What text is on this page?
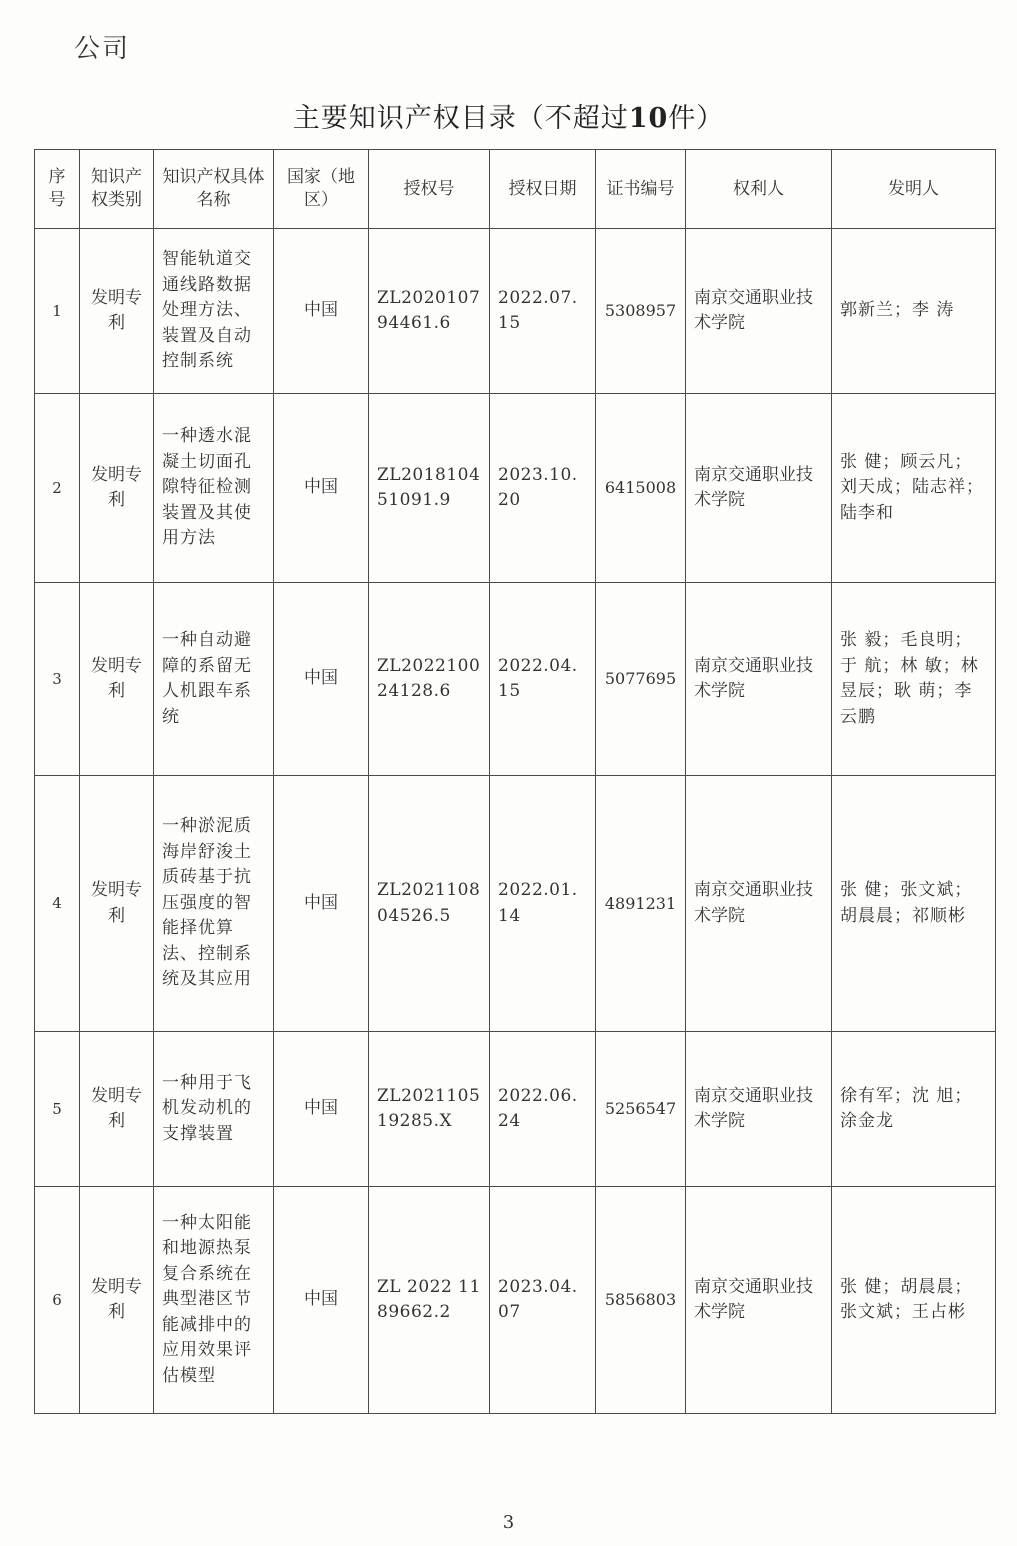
公司
主要知识产权目录（不超过10件）
序号	知识产权类别	知识产权具体名称	国家（地区）	授权号	授权日期	证书编号	权利人	发明人
1	发明专利	智能轨道交通线路数据处理方法、装置及自动控制系统	中国	ZL202010794461.6	2022.07.15	5308957	南京交通职业技术学院	郭新兰；李 涛
2	发明专利	一种透水混凝土切面孔隙特征检测装置及其使用方法	中国	ZL201810451091.9	2023.10.20	6415008	南京交通职业技术学院	张 健；顾云凡；刘天成；陆志祥；陆李和
3	发明专利	一种自动避障的系留无人机跟车系统	中国	ZL202210024128.6	2022.04.15	5077695	南京交通职业技术学院	张 毅；毛良明；于 航；林 敏；林昱辰；耿 萌；李云鹏
4	发明专利	一种淤泥质海岸舒浚土质砖基于抗压强度的智能择优算法、控制系统及其应用	中国	ZL202110804526.5	2022.01.14	4891231	南京交通职业技术学院	张 健；张文斌；胡晨晨；祁顺彬
5	发明专利	一种用于飞机发动机的支撑装置	中国	ZL202110519285.X	2022.06.24	5256547	南京交通职业技术学院	徐有军；沈 旭；涂金龙
6	发明专利	一种太阳能和地源热泵复合系统在典型港区节能减排中的应用效果评估模型	中国	ZL 2022 1189662.2	2023.04.07	5856803	南京交通职业技术学院	张 健；胡晨晨；张文斌；王占彬
3
